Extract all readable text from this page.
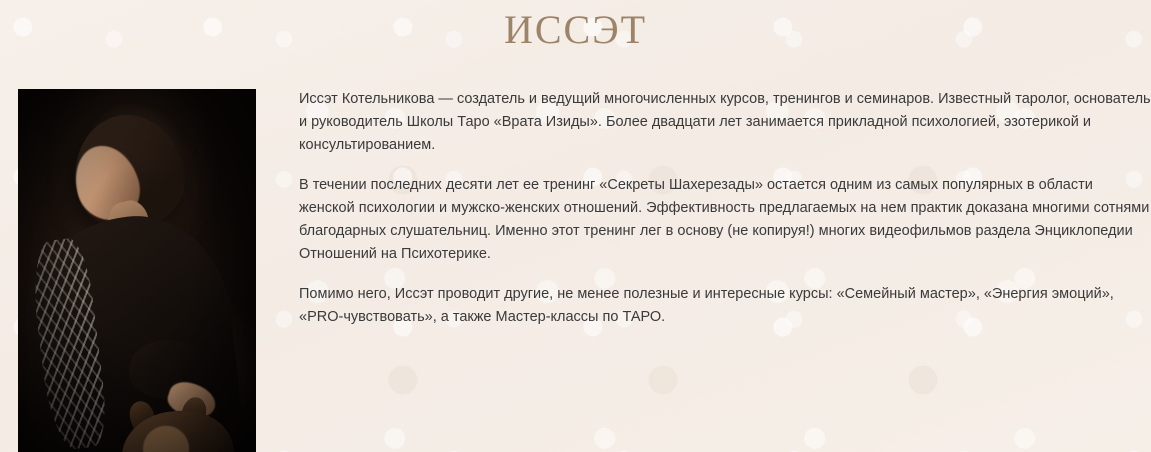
ИССЭТ

Иссэт Котельникова — создатель и ведущий многочисленных курсов, тренингов и семинаров. Известный таролог, основатель и руководитель Школы Таро «Врата Изиды». Более двадцати лет занимается прикладной психологией, эзотерикой и консультированием.

В течении последних десяти лет ее тренинг «Секреты Шахерезады» остается одним из самых популярных в области женской психологии и мужско-женских отношений. Эффективность предлагаемых на нем практик доказана многими сотнями благодарных слушательниц. Именно этот тренинг лег в основу (не копируя!) многих видеофильмов раздела Энциклопедии Отношений на Психотерике.

Помимо него, Иссэт проводит другие, не менее полезные и интересные курсы: «Семейный мастер», «Энергия эмоций», «PRO-чувствовать», а также Мастер-классы по ТАРО.
